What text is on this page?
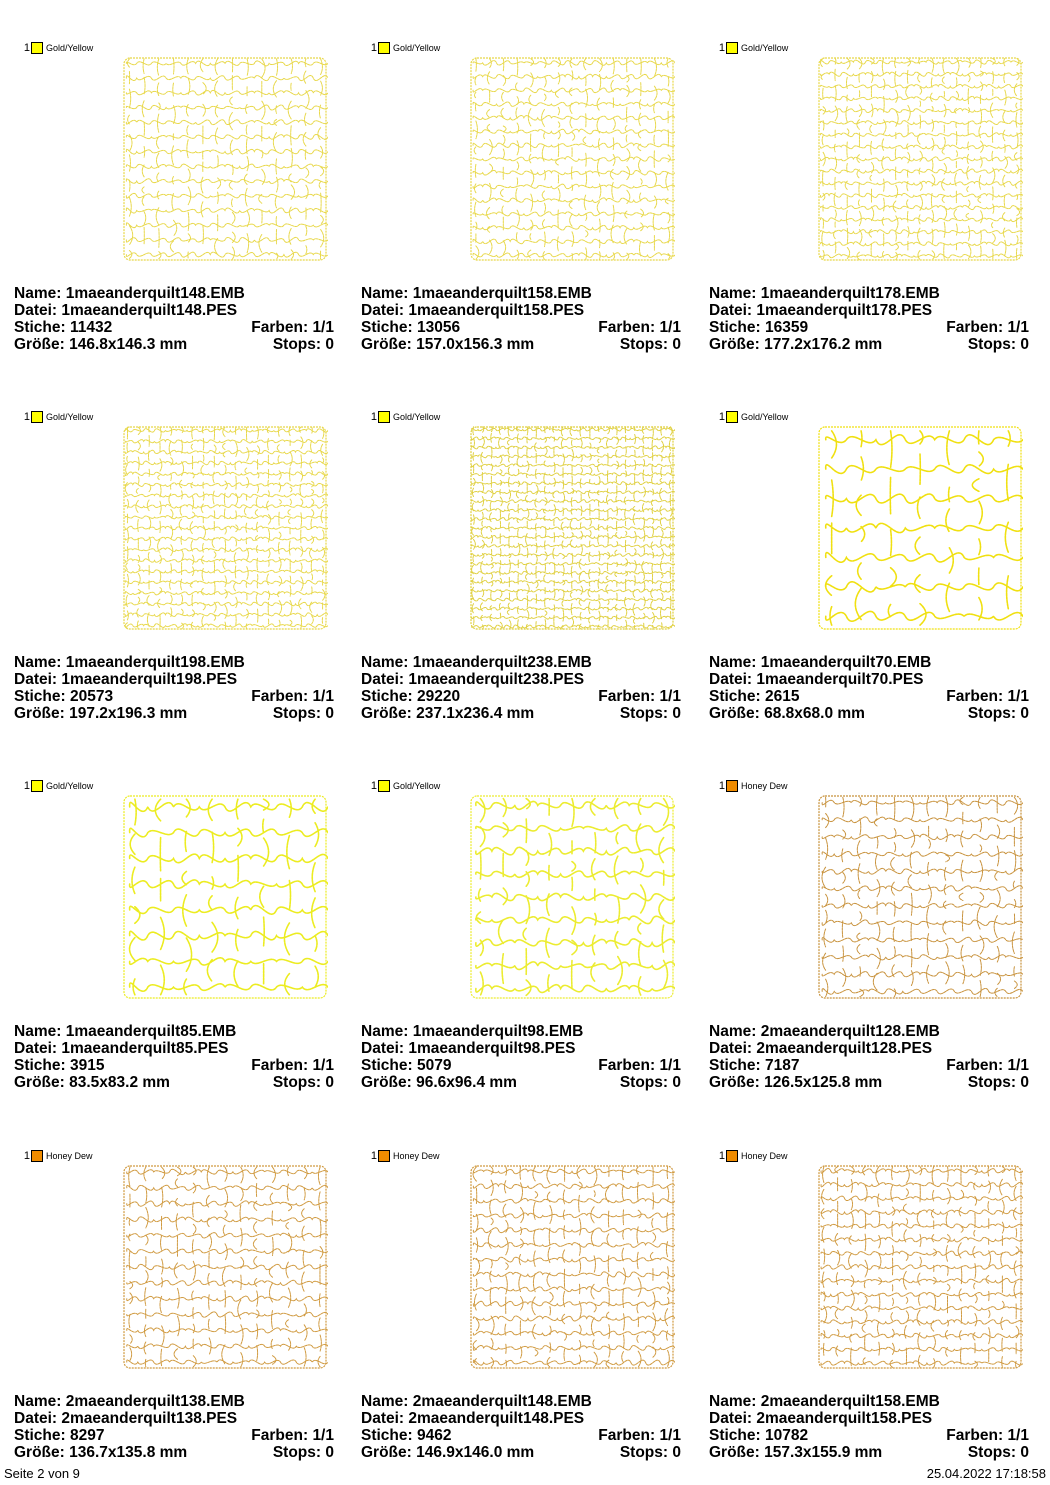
1 Gold/Yellow
Name: 1maeanderquilt148.EMB
Datei: 1maeanderquilt148.PES
Stiche: 11432	Farben: 1/1
Größe: 146.8x146.3 mm	Stops: 0
1 Gold/Yellow
Name: 1maeanderquilt158.EMB
Datei: 1maeanderquilt158.PES
Stiche: 13056	Farben: 1/1
Größe: 157.0x156.3 mm	Stops: 0
1 Gold/Yellow
Name: 1maeanderquilt178.EMB
Datei: 1maeanderquilt178.PES
Stiche: 16359	Farben: 1/1
Größe: 177.2x176.2 mm	Stops: 0
1 Gold/Yellow
Name: 1maeanderquilt198.EMB
Datei: 1maeanderquilt198.PES
Stiche: 20573	Farben: 1/1
Größe: 197.2x196.3 mm	Stops: 0
1 Gold/Yellow
Name: 1maeanderquilt238.EMB
Datei: 1maeanderquilt238.PES
Stiche: 29220	Farben: 1/1
Größe: 237.1x236.4 mm	Stops: 0
1 Gold/Yellow
Name: 1maeanderquilt70.EMB
Datei: 1maeanderquilt70.PES
Stiche: 2615	Farben: 1/1
Größe: 68.8x68.0 mm	Stops: 0
1 Gold/Yellow
Name: 1maeanderquilt85.EMB
Datei: 1maeanderquilt85.PES
Stiche: 3915	Farben: 1/1
Größe: 83.5x83.2 mm	Stops: 0
1 Gold/Yellow
Name: 1maeanderquilt98.EMB
Datei: 1maeanderquilt98.PES
Stiche: 5079	Farben: 1/1
Größe: 96.6x96.4 mm	Stops: 0
1 Honey Dew
Name: 2maeanderquilt128.EMB
Datei: 2maeanderquilt128.PES
Stiche: 7187	Farben: 1/1
Größe: 126.5x125.8 mm	Stops: 0
1 Honey Dew
Name: 2maeanderquilt138.EMB
Datei: 2maeanderquilt138.PES
Stiche: 8297	Farben: 1/1
Größe: 136.7x135.8 mm	Stops: 0
1 Honey Dew
Name: 2maeanderquilt148.EMB
Datei: 2maeanderquilt148.PES
Stiche: 9462	Farben: 1/1
Größe: 146.9x146.0 mm	Stops: 0
1 Honey Dew
Name: 2maeanderquilt158.EMB
Datei: 2maeanderquilt158.PES
Stiche: 10782	Farben: 1/1
Größe: 157.3x155.9 mm	Stops: 0
Seite 2 von 9	25.04.2022 17:18:58
